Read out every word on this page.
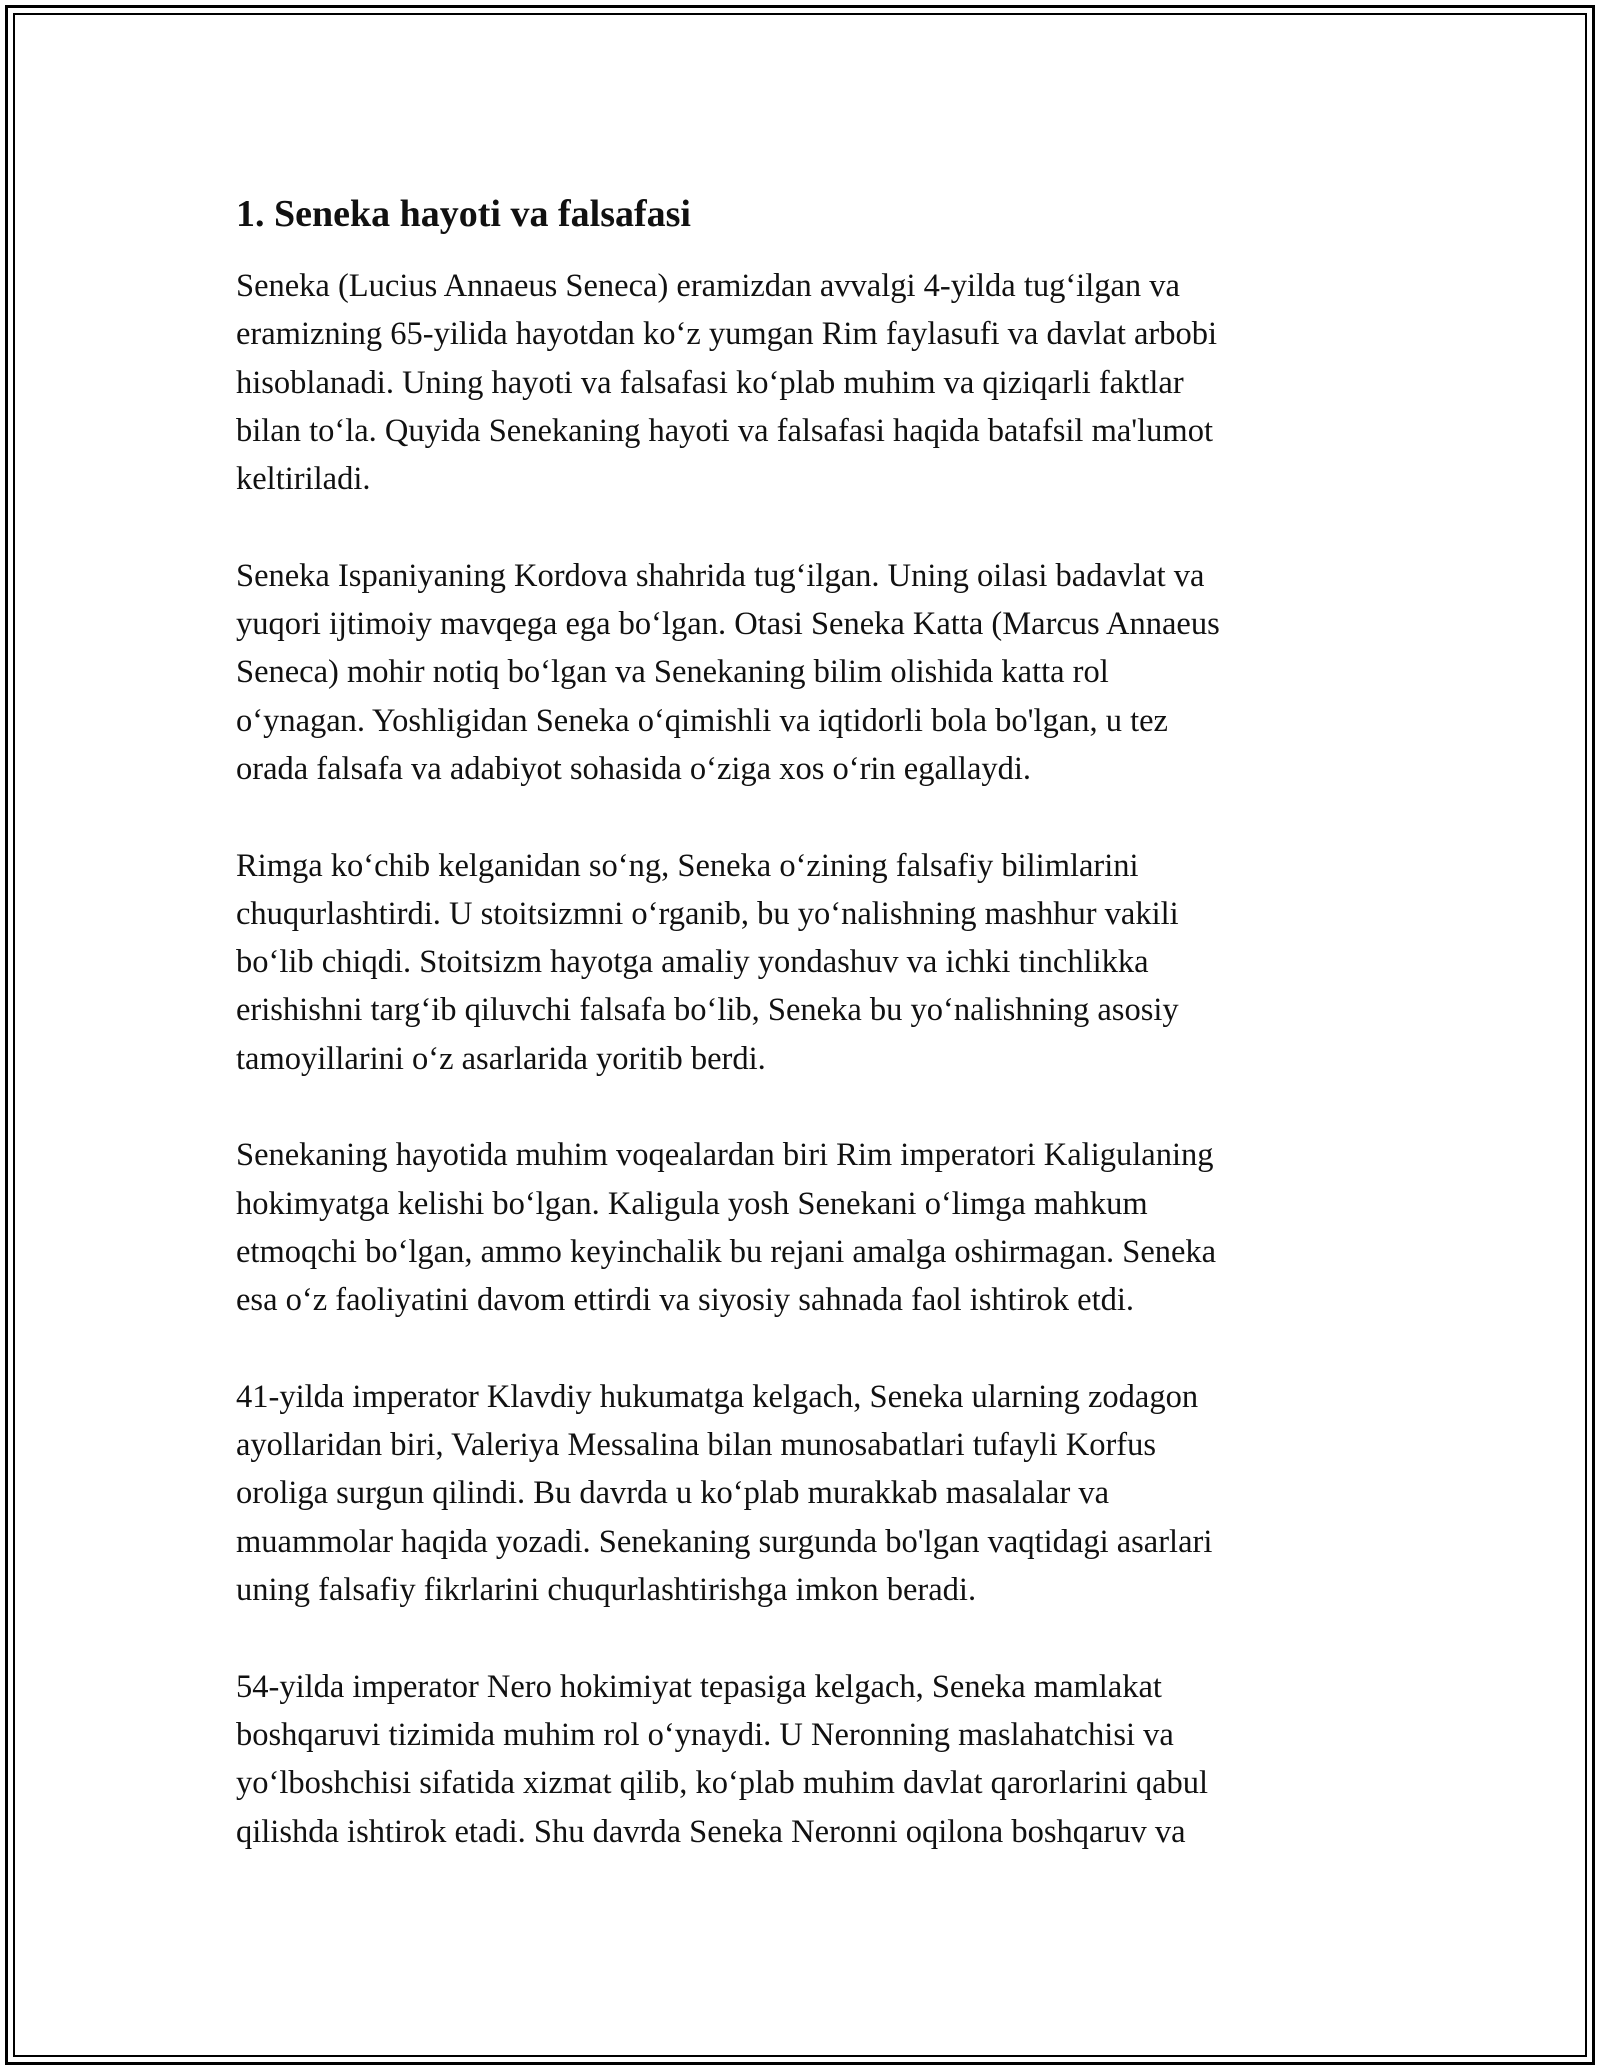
1. Seneka hayoti va falsafasi

Seneka (Lucius Annaeus Seneca) eramizdan avvalgi 4-yilda tug‘ilgan va
eramizning 65-yilida hayotdan ko‘z yumgan Rim faylasufi va davlat arbobi
hisoblanadi. Uning hayoti va falsafasi ko‘plab muhim va qiziqarli faktlar
bilan to‘la. Quyida Senekaning hayoti va falsafasi haqida batafsil ma'lumot
keltiriladi.

Seneka Ispaniyaning Kordova shahrida tug‘ilgan. Uning oilasi badavlat va
yuqori ijtimoiy mavqega ega bo‘lgan. Otasi Seneka Katta (Marcus Annaeus
Seneca) mohir notiq bo‘lgan va Senekaning bilim olishida katta rol
o‘ynagan. Yoshligidan Seneka o‘qimishli va iqtidorli bola bo'lgan, u tez
orada falsafa va adabiyot sohasida o‘ziga xos o‘rin egallaydi.

Rimga ko‘chib kelganidan so‘ng, Seneka o‘zining falsafiy bilimlarini
chuqurlashtirdi. U stoitsizmni o‘rganib, bu yo‘nalishning mashhur vakili
bo‘lib chiqdi. Stoitsizm hayotga amaliy yondashuv va ichki tinchlikka
erishishni targ‘ib qiluvchi falsafa bo‘lib, Seneka bu yo‘nalishning asosiy
tamoyillarini o‘z asarlarida yoritib berdi.

Senekaning hayotida muhim voqealardan biri Rim imperatori Kaligulaning
hokimyatga kelishi bo‘lgan. Kaligula yosh Senekani o‘limga mahkum
etmoqchi bo‘lgan, ammo keyinchalik bu rejani amalga oshirmagan. Seneka
esa o‘z faoliyatini davom ettirdi va siyosiy sahnada faol ishtirok etdi.

41-yilda imperator Klavdiy hukumatga kelgach, Seneka ularning zodagon
ayollaridan biri, Valeriya Messalina bilan munosabatlari tufayli Korfus
oroliga surgun qilindi. Bu davrda u ko‘plab murakkab masalalar va
muammolar haqida yozadi. Senekaning surgunda bo'lgan vaqtidagi asarlari
uning falsafiy fikrlarini chuqurlashtirishga imkon beradi.

54-yilda imperator Nero hokimiyat tepasiga kelgach, Seneka mamlakat
boshqaruvi tizimida muhim rol o‘ynaydi. U Neronning maslahatchisi va
yo‘lboshchisi sifatida xizmat qilib, ko‘plab muhim davlat qarorlarini qabul
qilishda ishtirok etadi. Shu davrda Seneka Neronni oqilona boshqaruv va
